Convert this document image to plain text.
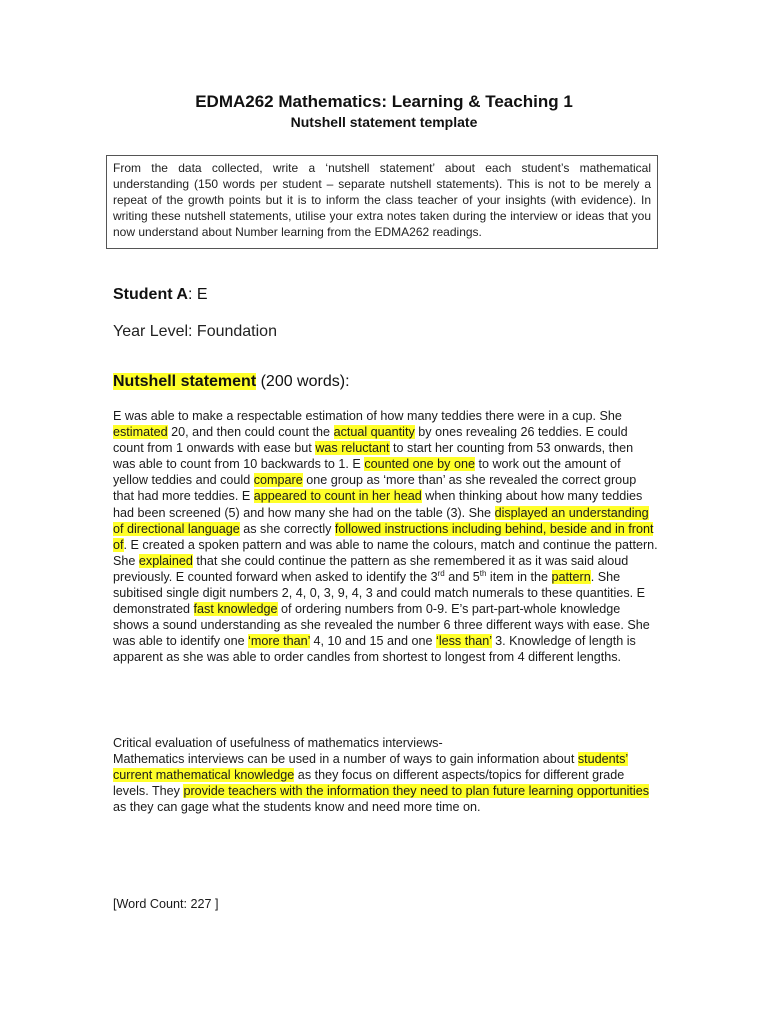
EDMA262 Mathematics: Learning & Teaching 1
Nutshell statement template
From the data collected, write a ‘nutshell statement’ about each student’s mathematical understanding (150 words per student – separate nutshell statements). This is not to be merely a repeat of the growth points but it is to inform the class teacher of your insights (with evidence). In writing these nutshell statements, utilise your extra notes taken during the interview or ideas that you now understand about Number learning from the EDMA262 readings.
Student A: E
Year Level: Foundation
Nutshell statement (200 words):
E was able to make a respectable estimation of how many teddies there were in a cup. She estimated 20, and then could count the actual quantity by ones revealing 26 teddies. E could count from 1 onwards with ease but was reluctant to start her counting from 53 onwards, then was able to count from 10 backwards to 1. E counted one by one to work out the amount of yellow teddies and could compare one group as ‘more than’ as she revealed the correct group that had more teddies. E appeared to count in her head when thinking about how many teddies had been screened (5) and how many she had on the table (3). She displayed an understanding of directional language as she correctly followed instructions including behind, beside and in front of. E created a spoken pattern and was able to name the colours, match and continue the pattern. She explained that she could continue the pattern as she remembered it as it was said aloud previously. E counted forward when asked to identify the 3rd and 5th item in the pattern. She subitised single digit numbers 2, 4, 0, 3, 9, 4, 3 and could match numerals to these quantities. E demonstrated fast knowledge of ordering numbers from 0-9. E’s part-part-whole knowledge shows a sound understanding as she revealed the number 6 three different ways with ease. She was able to identify one ‘more than’ 4, 10 and 15 and one ‘less than’ 3. Knowledge of length is apparent as she was able to order candles from shortest to longest from 4 different lengths.
Critical evaluation of usefulness of mathematics interviews-
Mathematics interviews can be used in a number of ways to gain information about students’ current mathematical knowledge as they focus on different aspects/topics for different grade levels. They provide teachers with the information they need to plan future learning opportunities as they can gage what the students know and need more time on.
[Word Count: 227 ]
